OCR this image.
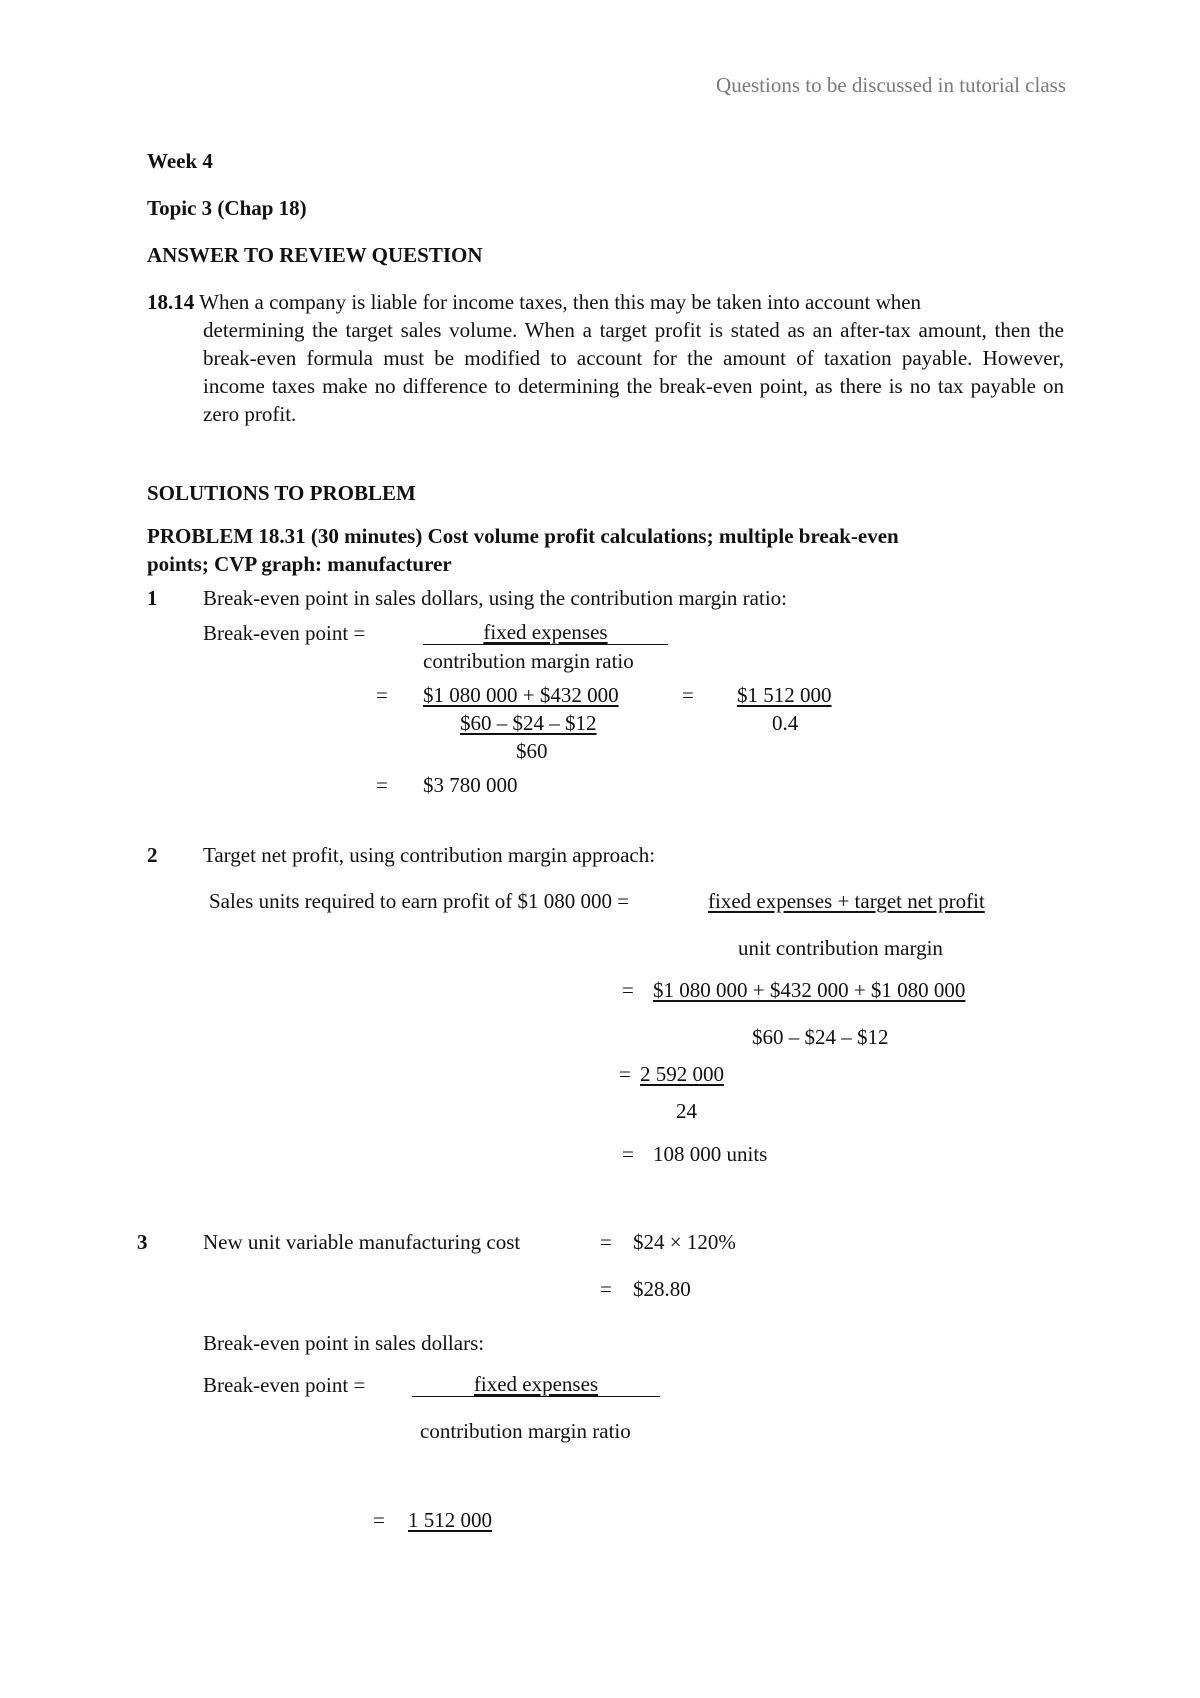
Questions to be discussed in tutorial class
Week 4
Topic 3 (Chap 18)
ANSWER TO REVIEW QUESTION
18.14 When a company is liable for income taxes, then this may be taken into account when
determining the target sales volume. When a target profit is stated as an after-tax amount, then the break-even formula must be modified to account for the amount of taxation payable. However, income taxes make no difference to determining the break-even point, as there is no tax payable on zero profit.
SOLUTIONS TO PROBLEM
PROBLEM 18.31 (30 minutes) Cost volume profit calculations; multiple break-even
points; CVP graph: manufacturer
1 Break-even point in sales dollars, using the contribution margin ratio:
Break-even point =	fixed expenses
contribution margin ratio
= $1 080 000 + $432 000	= $1 512 000
$60 – $24 – $12	0.4
$60
= $3 780 000
2 Target net profit, using contribution margin approach:
Sales units required to earn profit of $1 080 000 =	fixed expenses + target net profit
unit contribution margin
= $1 080 000 + $432 000 + $1 080 000
$60 – $24 – $12
= 2 592 000
24
= 108 000 units
3	New unit variable manufacturing cost	= $24 × 120%
= $28.80
Break-even point in sales dollars:
Break-even point =	fixed expenses
contribution margin ratio
= 1 512 000
